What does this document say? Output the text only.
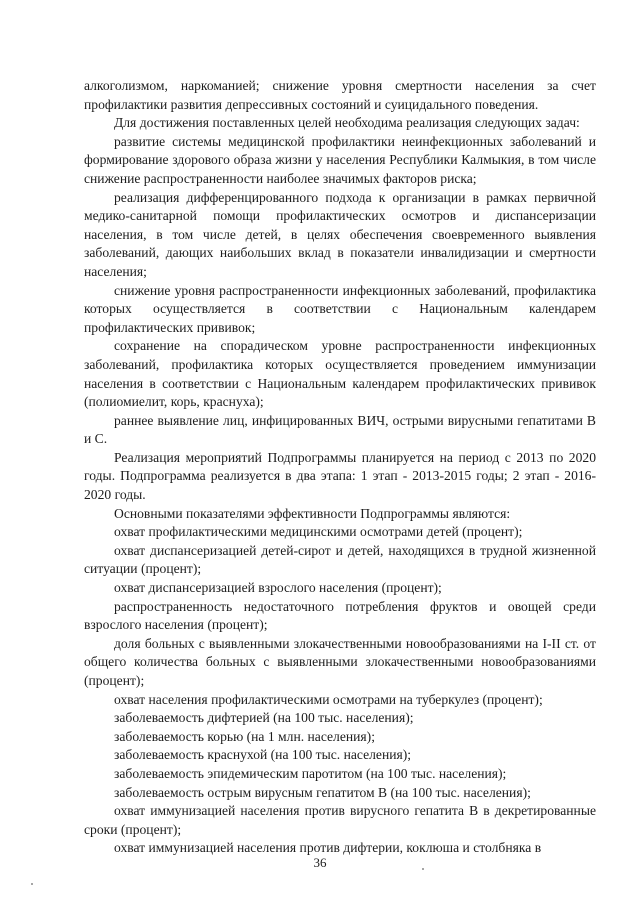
алкоголизмом, наркоманией; снижение уровня смертности населения за счет профилактики развития депрессивных состояний и суицидального поведения.

Для достижения поставленных целей необходима реализация следующих задач:

развитие системы медицинской профилактики неинфекционных заболеваний и формирование здорового образа жизни у населения Республики Калмыкия, в том числе снижение распространенности наиболее значимых факторов риска;

реализация дифференцированного подхода к организации в рамках первичной медико-санитарной помощи профилактических осмотров и диспансеризации населения, в том числе детей, в целях обеспечения своевременного выявления заболеваний, дающих наибольших вклад в показатели инвалидизации и смертности населения;

снижение уровня распространенности инфекционных заболеваний, профилактика которых осуществляется в соответствии с Национальным календарем профилактических прививок;

сохранение на спорадическом уровне распространенности инфекционных заболеваний, профилактика которых осуществляется проведением иммунизации населения в соответствии с Национальным календарем профилактических прививок (полиомиелит, корь, краснуха);

раннее выявление лиц, инфицированных ВИЧ, острыми вирусными гепатитами В и С.

Реализация мероприятий Подпрограммы планируется на период с 2013 по 2020 годы. Подпрограмма реализуется в два этапа: 1 этап - 2013-2015 годы; 2 этап - 2016-2020 годы.

Основными показателями эффективности Подпрограммы являются:

охват профилактическими медицинскими осмотрами детей (процент);

охват диспансеризацией детей-сирот и детей, находящихся в трудной жизненной ситуации (процент);

охват диспансеризацией взрослого населения (процент);

распространенность недостаточного потребления фруктов и овощей среди взрослого населения (процент);

доля больных с выявленными злокачественными новообразованиями на I-II ст. от общего количества больных с выявленными злокачественными новообразованиями (процент);

охват населения профилактическими осмотрами на туберкулез (процент);

заболеваемость дифтерией (на 100 тыс. населения);

заболеваемость корью (на 1 млн. населения);

заболеваемость краснухой (на 100 тыс. населения);

заболеваемость эпидемическим паротитом (на 100 тыс. населения);

заболеваемость острым вирусным гепатитом В (на 100 тыс. населения);

охват иммунизацией населения против вирусного гепатита В в декретированные сроки (процент);

охват иммунизацией населения против дифтерии, коклюша и столбняка в

36
